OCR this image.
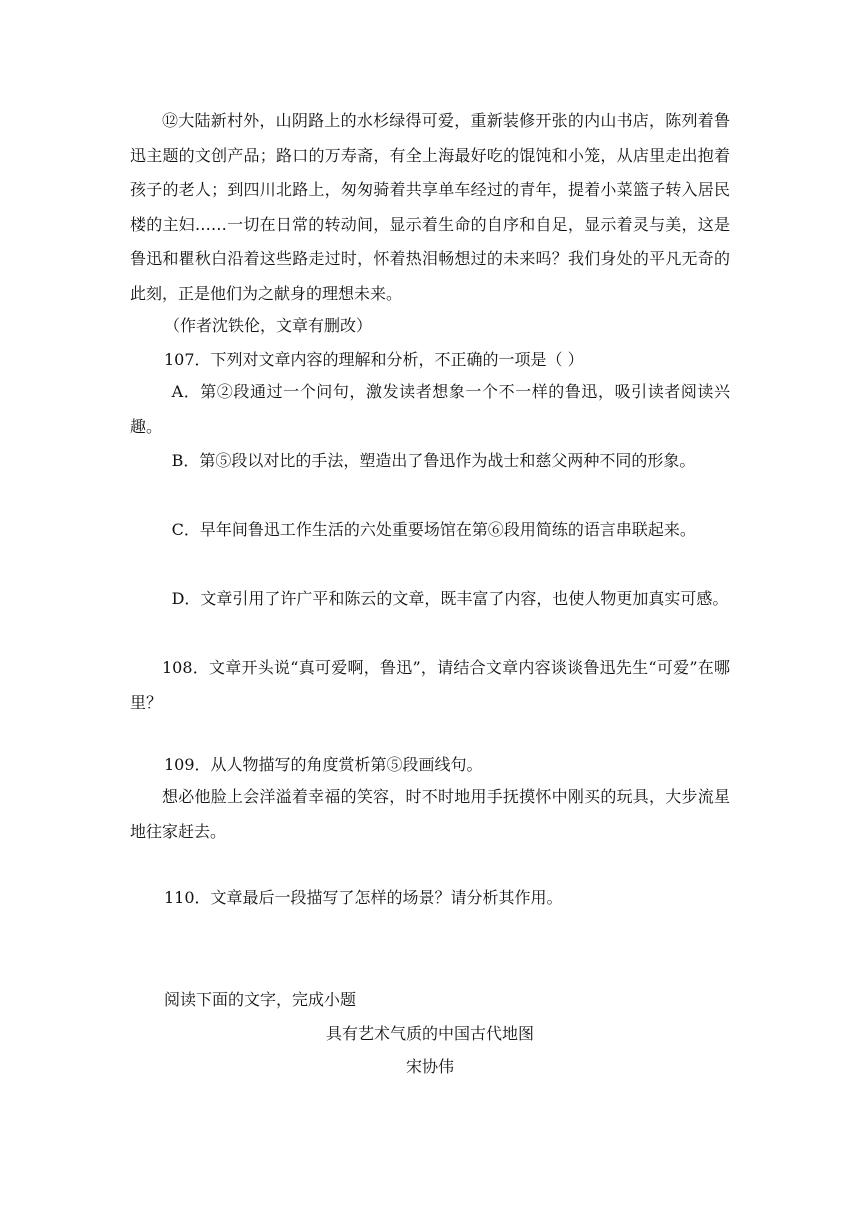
⑫大陆新村外，山阴路上的水杉绿得可爱，重新装修开张的内山书店，陈列着鲁迅主题的文创产品；路口的万寿斋，有全上海最好吃的馄饨和小笼，从店里走出抱着孩子的老人；到四川北路上，匆匆骑着共享单车经过的青年，提着小菜篮子转入居民楼的主妇……一切在日常的转动间，显示着生命的自序和自足，显示着灵与美，这是鲁迅和瞿秋白沿着这些路走过时，怀着热泪畅想过的未来吗？我们身处的平凡无奇的此刻，正是他们为之献身的理想未来。

（作者沈铁伦，文章有删改）
107．下列对文章内容的理解和分析，不正确的一项是（ ）

A．第②段通过一个问句，激发读者想象一个不一样的鲁迅，吸引读者阅读兴趣。

B．第⑤段以对比的手法，塑造出了鲁迅作为战士和慈父两种不同的形象。

C．早年间鲁迅工作生活的六处重要场馆在第⑥段用简练的语言串联起来。

D．文章引用了许广平和陈云的文章，既丰富了内容，也使人物更加真实可感。

108．文章开头说“真可爱啊，鲁迅”，请结合文章内容谈谈鲁迅先生“可爱”在哪里？

109．从人物描写的角度赏析第⑤段画线句。

想必他脸上会洋溢着幸福的笑容，时不时地用手抚摸怀中刚买的玩具，大步流星地往家赶去。

110．文章最后一段描写了怎样的场景？请分析其作用。
阅读下面的文字，完成小题
具有艺术气质的中国古代地图
宋协伟
